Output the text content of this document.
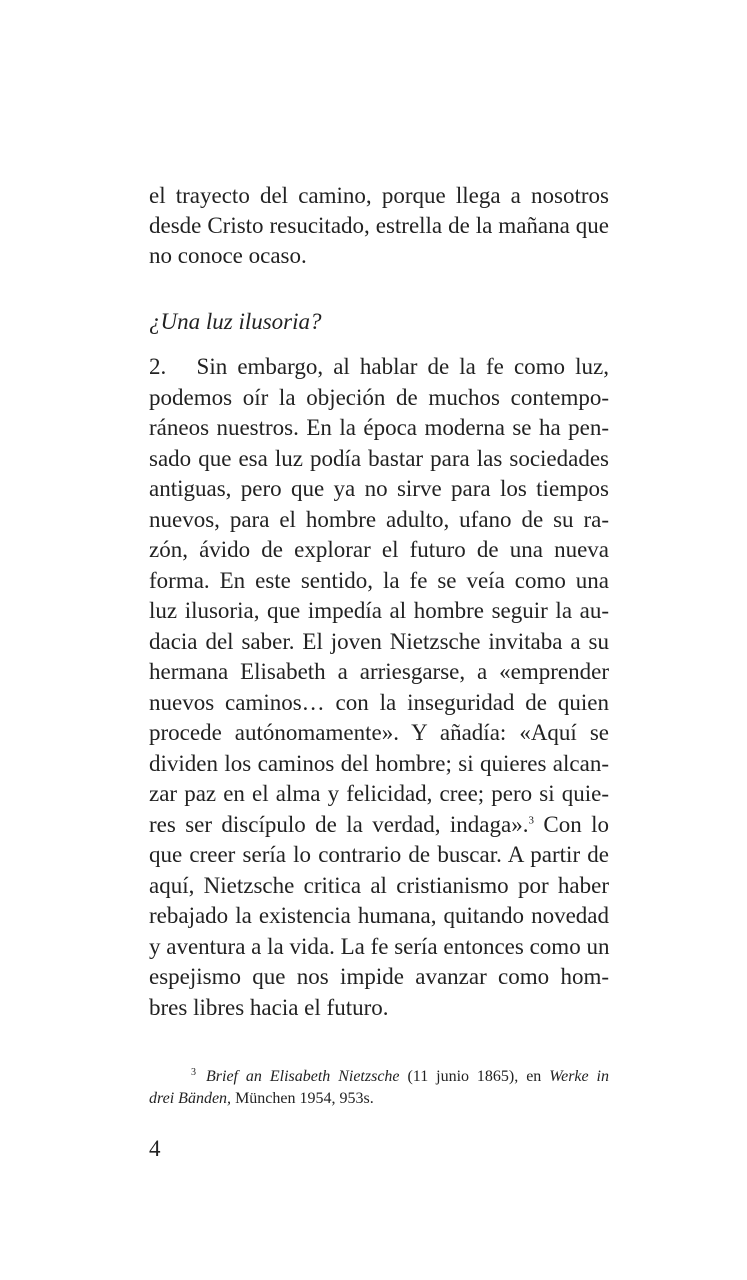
el trayecto del camino, porque llega a nosotros
desde Cristo resucitado, estrella de la mañana que
no conoce ocaso.
¿Una luz ilusoria?
2.   Sin embargo, al hablar de la fe como luz,
podemos oír la objeción de muchos contempo-
ráneos nuestros. En la época moderna se ha pen-
sado que esa luz podía bastar para las sociedades
antiguas, pero que ya no sirve para los tiempos
nuevos, para el hombre adulto, ufano de su ra-
zón, ávido de explorar el futuro de una nueva
forma. En este sentido, la fe se veía como una
luz ilusoria, que impedía al hombre seguir la au-
dacia del saber. El joven Nietzsche invitaba a su
hermana Elisabeth a arriesgarse, a «emprender
nuevos caminos… con la inseguridad de quien
procede autónomamente». Y añadía: «Aquí se
dividen los caminos del hombre; si quieres alcan-
zar paz en el alma y felicidad, cree; pero si quie-
res ser discípulo de la verdad, indaga».$^3$ Con lo
que creer sería lo contrario de buscar. A partir de
aquí, Nietzsche critica al cristianismo por haber
rebajado la existencia humana, quitando novedad
y aventura a la vida. La fe sería entonces como un
espejismo que nos impide avanzar como hom-
bres libres hacia el futuro.
$^3$ Brief an Elisabeth Nietzsche (11 junio 1865), en Werke in
drei Bänden, München 1954, 953s.
4
